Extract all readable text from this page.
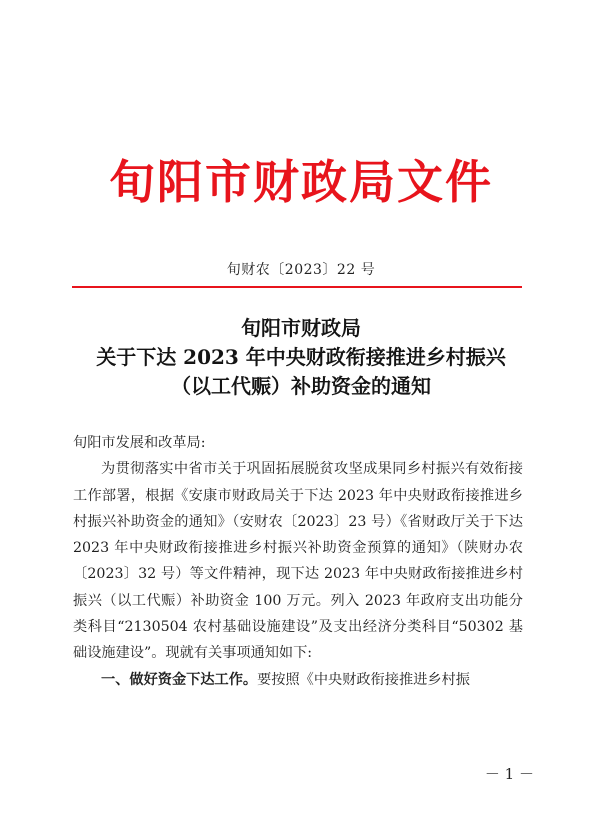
旬阳市财政局文件
旬财农〔2023〕22 号
旬阳市财政局
关于下达 2023 年中央财政衔接推进乡村振兴
（以工代赈）补助资金的通知
旬阳市发展和改革局:

为贯彻落实中省市关于巩固拓展脱贫攻坚成果同乡村振兴有效衔接工作部署，根据《安康市财政局关于下达 2023 年中央财政衔接推进乡村振兴补助资金的通知》（安财农〔2023〕23 号）《省财政厅关于下达 2023 年中央财政衔接推进乡村振兴补助资金预算的通知》（陕财办农〔2023〕32 号）等文件精神，现下达 2023 年中央财政衔接推进乡村振兴（以工代赈）补助资金 100 万元。列入 2023 年政府支出功能分类科目“2130504 农村基础设施建设”及支出经济分类科目“50302 基础设施建设”。现就有关事项通知如下:

一、做好资金下达工作。要按照《中央财政衔接推进乡村振

－ 1 －
